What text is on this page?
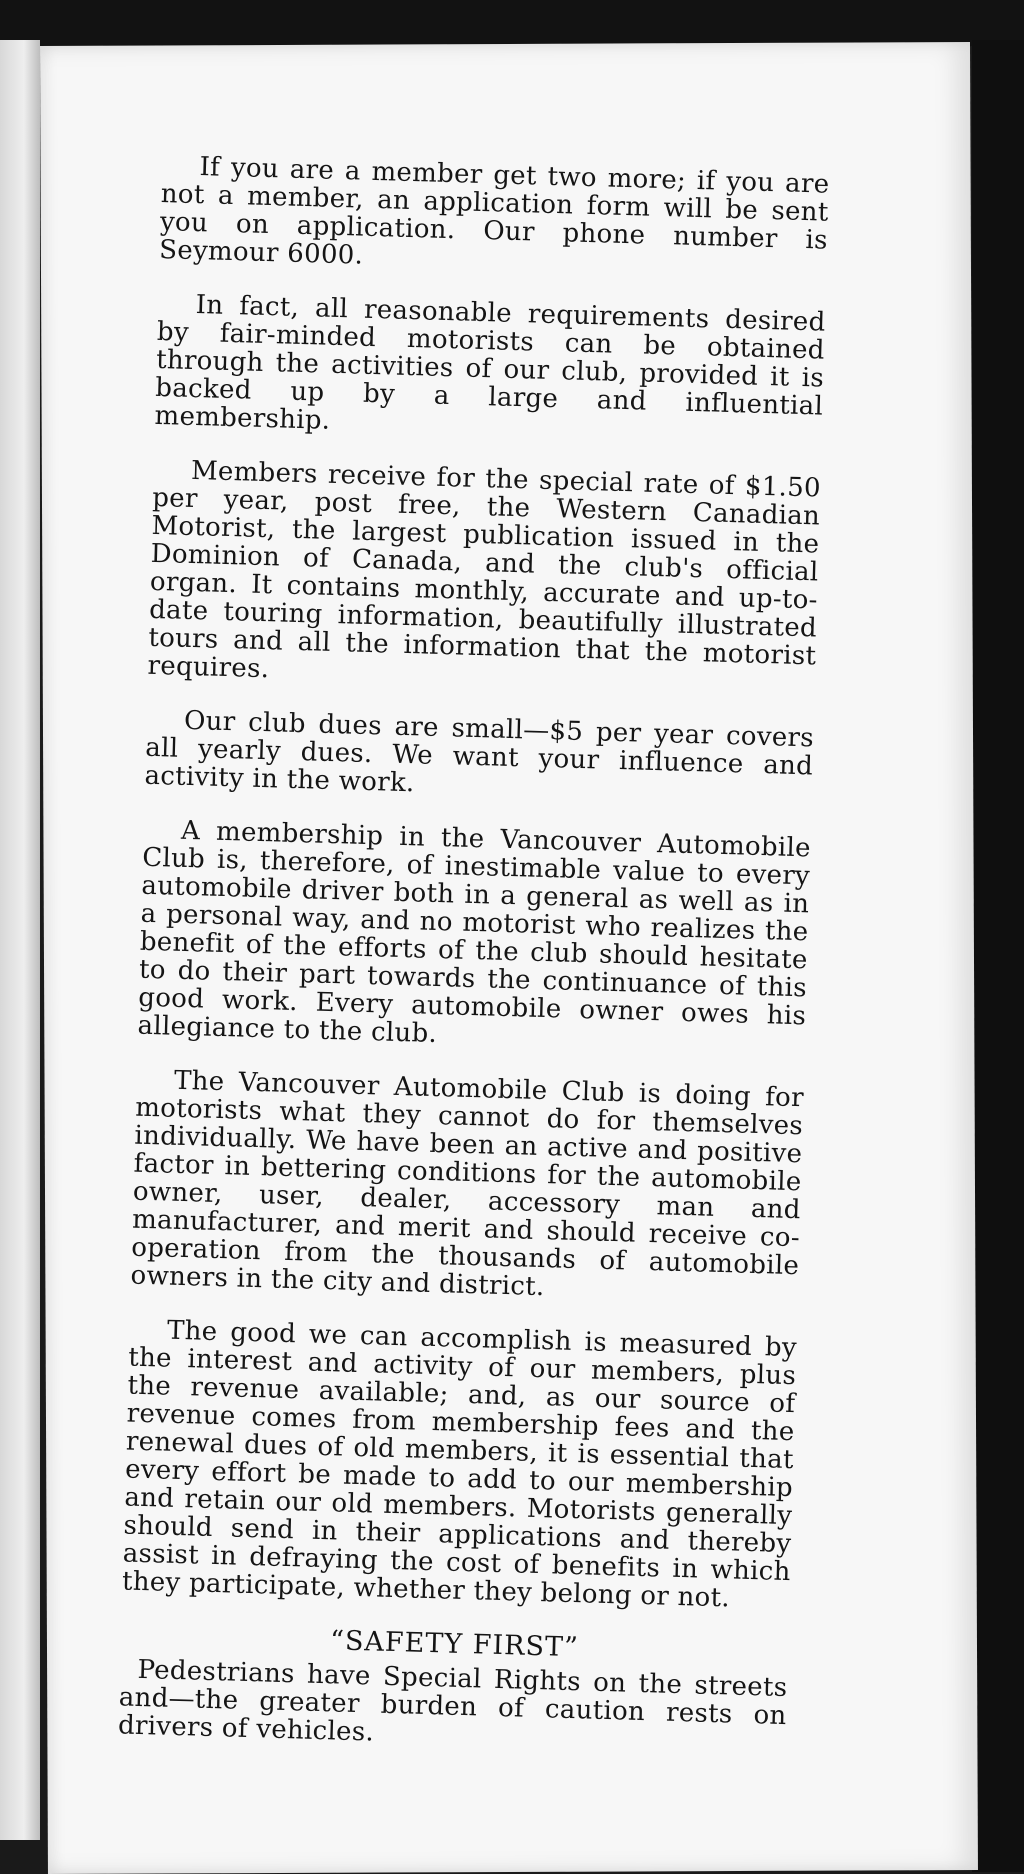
If you are a member get two more; if you are not a member, an application form will be sent you on application. Our phone number is Seymour 6000.

In fact, all reasonable requirements desired by fair-minded motorists can be obtained through the activities of our club, provided it is backed up by a large and influential membership.

Members receive for the special rate of $1.50 per year, post free, the Western Canadian Motorist, the largest publication issued in the Dominion of Canada, and the club's official organ. It contains monthly, accurate and up-to-date touring information, beautifully illustrated tours and all the information that the motorist requires.

Our club dues are small—$5 per year covers all yearly dues. We want your influence and activity in the work.

A membership in the Vancouver Automobile Club is, therefore, of inestimable value to every automobile driver both in a general as well as in a personal way, and no motorist who realizes the benefit of the efforts of the club should hesitate to do their part towards the continuance of this good work. Every automobile owner owes his allegiance to the club.

The Vancouver Automobile Club is doing for motorists what they cannot do for themselves individually. We have been an active and positive factor in bettering conditions for the automobile owner, user, dealer, accessory man and manufacturer, and merit and should receive co-operation from the thousands of automobile owners in the city and district.

The good we can accomplish is measured by the interest and activity of our members, plus the revenue available; and, as our source of revenue comes from membership fees and the renewal dues of old members, it is essential that every effort be made to add to our membership and retain our old members. Motorists generally should send in their applications and thereby assist in defraying the cost of benefits in which they participate, whether they belong or not.

“SAFETY FIRST”

Pedestrians have Special Rights on the streets and—the greater burden of caution rests on drivers of vehicles.
